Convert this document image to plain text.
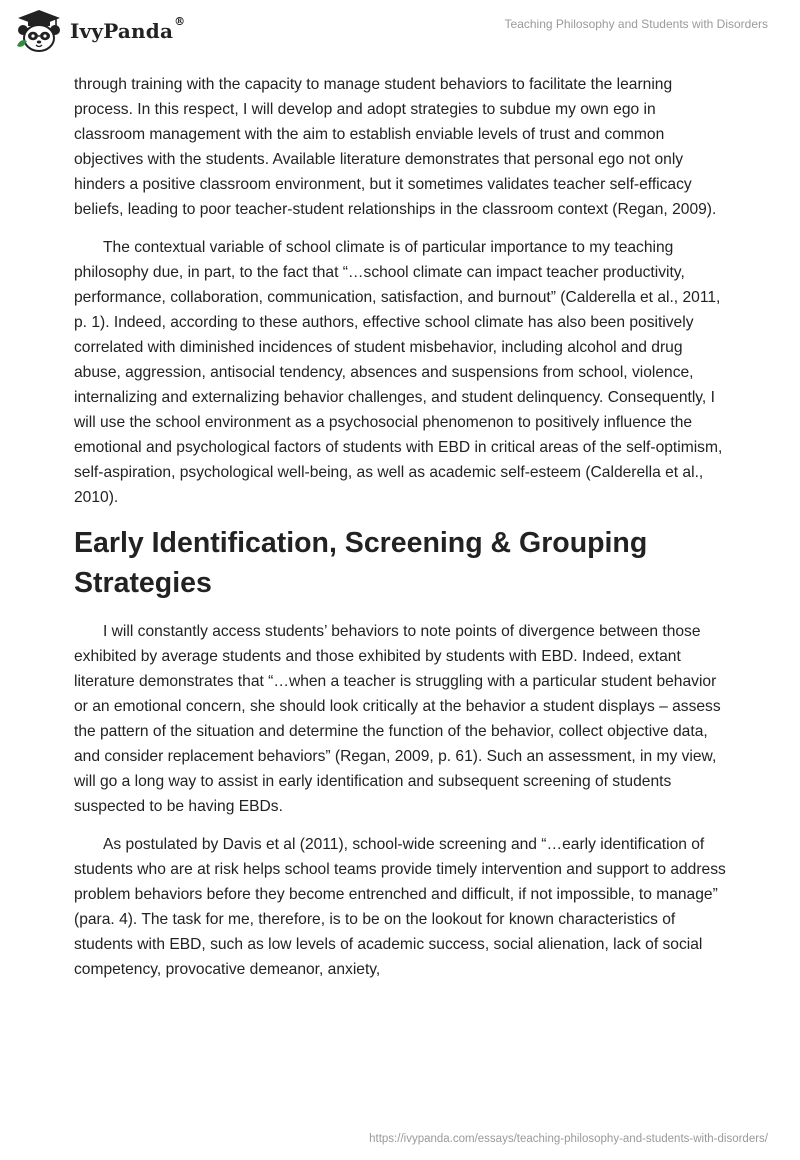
IvyPanda®	Teaching Philosophy and Students with Disorders

through training with the capacity to manage student behaviors to facilitate the learning process. In this respect, I will develop and adopt strategies to subdue my own ego in classroom management with the aim to establish enviable levels of trust and common objectives with the students. Available literature demonstrates that personal ego not only hinders a positive classroom environment, but it sometimes validates teacher self-efficacy beliefs, leading to poor teacher-student relationships in the classroom context (Regan, 2009).

The contextual variable of school climate is of particular importance to my teaching philosophy due, in part, to the fact that “…school climate can impact teacher productivity, performance, collaboration, communication, satisfaction, and burnout” (Calderella et al., 2011, p. 1). Indeed, according to these authors, effective school climate has also been positively correlated with diminished incidences of student misbehavior, including alcohol and drug abuse, aggression, antisocial tendency, absences and suspensions from school, violence, internalizing and externalizing behavior challenges, and student delinquency. Consequently, I will use the school environment as a psychosocial phenomenon to positively influence the emotional and psychological factors of students with EBD in critical areas of the self-optimism, self-aspiration, psychological well-being, as well as academic self-esteem (Calderella et al., 2010).

Early Identification, Screening & Grouping Strategies

I will constantly access students’ behaviors to note points of divergence between those exhibited by average students and those exhibited by students with EBD. Indeed, extant literature demonstrates that “…when a teacher is struggling with a particular student behavior or an emotional concern, she should look critically at the behavior a student displays – assess the pattern of the situation and determine the function of the behavior, collect objective data, and consider replacement behaviors” (Regan, 2009, p. 61). Such an assessment, in my view, will go a long way to assist in early identification and subsequent screening of students suspected to be having EBDs.

As postulated by Davis et al (2011), school-wide screening and “…early identification of students who are at risk helps school teams provide timely intervention and support to address problem behaviors before they become entrenched and difficult, if not impossible, to manage” (para. 4). The task for me, therefore, is to be on the lookout for known characteristics of students with EBD, such as low levels of academic success, social alienation, lack of social competency, provocative demeanor, anxiety,

https://ivypanda.com/essays/teaching-philosophy-and-students-with-disorders/
